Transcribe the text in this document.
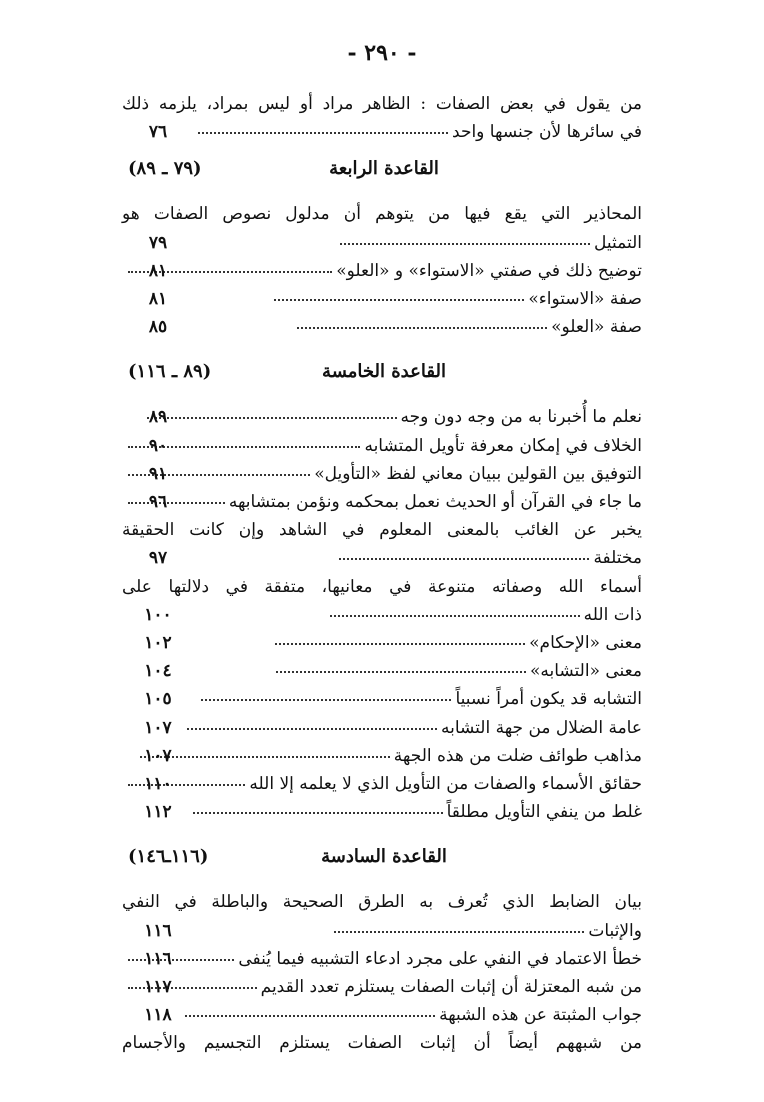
- ٢٩٠ -
من يقول في بعض الصفات : الظاهر مراد أو ليس بمراد، يلزمه ذلك
في سائرها لأن جنسها واحد
٧٦
القاعدة الرابعة
(٧٩ ـ ٨٩)
المحاذير التي يقع فيها من يتوهم أن مدلول نصوص الصفات هو
التمثيل
٧٩
توضيح ذلك في صفتي «الاستواء» و «العلو»
٨١
صفة «الاستواء»
٨١
صفة «العلو»
٨٥
القاعدة الخامسة
(٨٩ ـ ١١٦)
نعلم ما أُخبرنا به من وجه دون وجه
٨٩
الخلاف في إمكان معرفة تأويل المتشابه
٩٠
التوفيق بين القولين ببيان معاني لفظ «التأويل»
٩١
ما جاء في القرآن أو الحديث نعمل بمحكمه ونؤمن بمتشابهه
٩٦
يخبر عن الغائب بالمعنى المعلوم في الشاهد وإن كانت الحقيقة
مختلفة
٩٧
أسماء الله وصفاته متنوعة في معانيها، متفقة في دلالتها على
ذات الله
١٠٠
معنى «الإحكام»
١٠٢
معنى «التشابه»
١٠٤
التشابه قد يكون أمراً نسبياً
١٠٥
عامة الضلال من جهة التشابه
١٠٧
مذاهب طوائف ضلت من هذه الجهة
١٠٧
حقائق الأسماء والصفات من التأويل الذي لا يعلمه إلا الله
١١٠
غلط من ينفي التأويل مطلقاً
١١٢
القاعدة السادسة
(١١٦ـ١٤٦)
بيان الضابط الذي تُعرف به الطرق الصحيحة والباطلة في النفي
والإثبات
١١٦
خطأ الاعتماد في النفي على مجرد ادعاء التشبيه فيما يُنفى
١١٦
من شبه المعتزلة أن إثبات الصفات يستلزم تعدد القديم
١١٧
جواب المثبتة عن هذه الشبهة
١١٨
من شبههم أيضاً أن إثبات الصفات يستلزم التجسيم والأجسام
